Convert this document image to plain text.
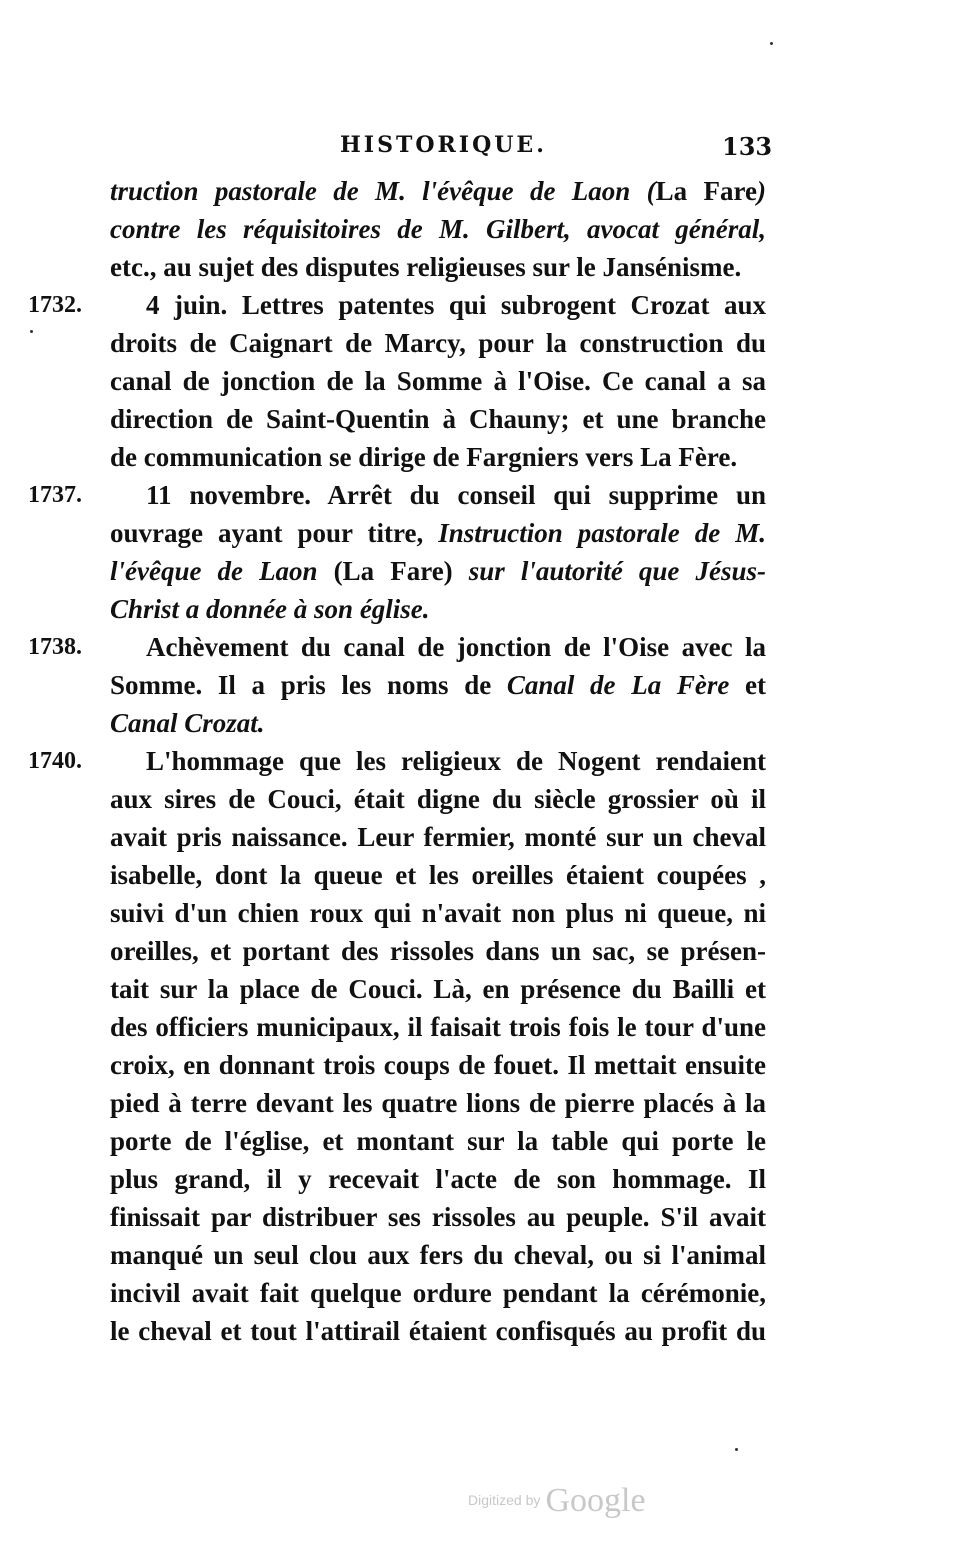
HISTORIQUE.	133
truction pastorale de M. l'évêque de Laon (La Fare)
contre les réquisitoires de M. Gilbert, avocat général,
etc., au sujet des disputes religieuses sur le Jansénisme.
1732.	4 juin. Lettres patentes qui subrogent Crozat aux
droits de Caignart de Marcy, pour la construction du
canal de jonction de la Somme à l'Oise. Ce canal a sa
direction de Saint-Quentin à Chauny; et une branche
de communication se dirige de Fargniers vers La Fère.
1737.	11 novembre. Arrêt du conseil qui supprime un
ouvrage ayant pour titre, Instruction pastorale de M.
l'évêque de Laon (La Fare) sur l'autorité que Jésus-
Christ a donnée à son église.
1738.	Achèvement du canal de jonction de l'Oise avec la
Somme. Il a pris les noms de Canal de La Fère et
Canal Crozat.
1740.	L'hommage que les religieux de Nogent rendaient
aux sires de Couci, était digne du siècle grossier où il
avait pris naissance. Leur fermier, monté sur un cheval
isabelle, dont la queue et les oreilles étaient coupées ,
suivi d'un chien roux qui n'avait non plus ni queue, ni
oreilles, et portant des rissoles dans un sac, se présen-
tait sur la place de Couci. Là, en présence du Bailli et
des officiers municipaux, il faisait trois fois le tour d'une
croix, en donnant trois coups de fouet. Il mettait ensuite
pied à terre devant les quatre lions de pierre placés à la
porte de l'église, et montant sur la table qui porte le
plus grand, il y recevait l'acte de son hommage. Il
finissait par distribuer ses rissoles au peuple. S'il avait
manqué un seul clou aux fers du cheval, ou si l'animal
incivil avait fait quelque ordure pendant la cérémonie,
le cheval et tout l'attirail étaient confisqués au profit du
Digitized by Google
